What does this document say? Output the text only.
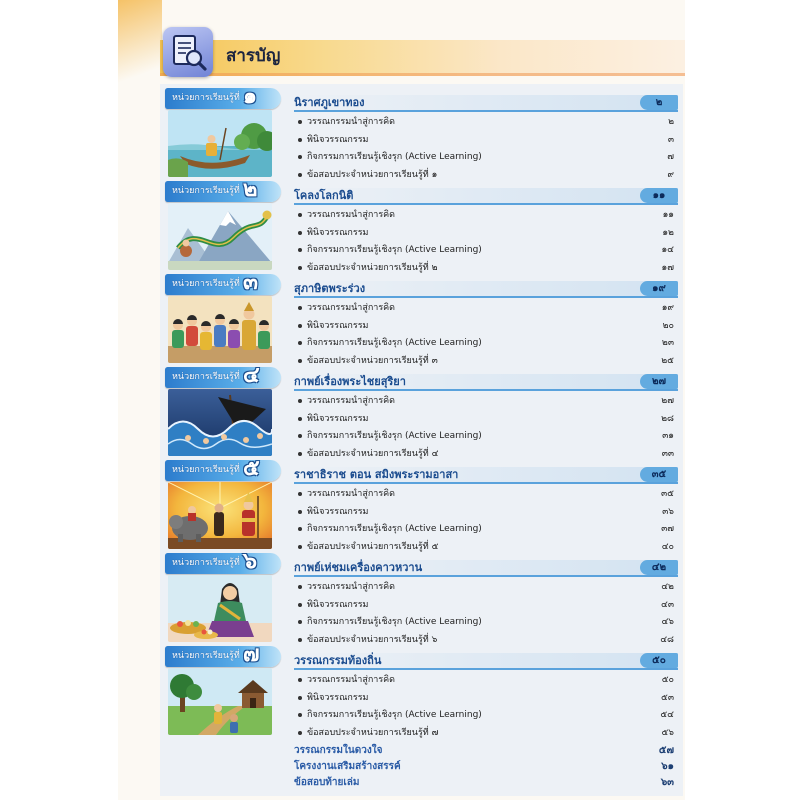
สารบัญ
หน่วยการเรียนรู้ที่ ๑	นิราศภูเขาทอง	๒
วรรณกรรมนำสู่การคิด	๒
พินิจวรรณกรรม	๓
กิจกรรมการเรียนรู้เชิงรุก (Active Learning)	๗
ข้อสอบประจำหน่วยการเรียนรู้ที่ ๑	๙
หน่วยการเรียนรู้ที่ ๒	โคลงโลกนิติ	๑๑
วรรณกรรมนำสู่การคิด	๑๑
พินิจวรรณกรรม	๑๒
กิจกรรมการเรียนรู้เชิงรุก (Active Learning)	๑๔
ข้อสอบประจำหน่วยการเรียนรู้ที่ ๒	๑๗
หน่วยการเรียนรู้ที่ ๓	สุภาษิตพระร่วง	๑๙
วรรณกรรมนำสู่การคิด	๑๙
พินิจวรรณกรรม	๒๐
กิจกรรมการเรียนรู้เชิงรุก (Active Learning)	๒๓
ข้อสอบประจำหน่วยการเรียนรู้ที่ ๓	๒๕
หน่วยการเรียนรู้ที่ ๔	กาพย์เรื่องพระไชยสุริยา	๒๗
วรรณกรรมนำสู่การคิด	๒๗
พินิจวรรณกรรม	๒๘
กิจกรรมการเรียนรู้เชิงรุก (Active Learning)	๓๑
ข้อสอบประจำหน่วยการเรียนรู้ที่ ๔	๓๓
หน่วยการเรียนรู้ที่ ๕	ราชาธิราช ตอน สมิงพระรามอาสา	๓๕
วรรณกรรมนำสู่การคิด	๓๕
พินิจวรรณกรรม	๓๖
กิจกรรมการเรียนรู้เชิงรุก (Active Learning)	๓๗
ข้อสอบประจำหน่วยการเรียนรู้ที่ ๕	๔๐
หน่วยการเรียนรู้ที่ ๖	กาพย์เห่ชมเครื่องคาวหวาน	๔๒
วรรณกรรมนำสู่การคิด	๔๒
พินิจวรรณกรรม	๔๓
กิจกรรมการเรียนรู้เชิงรุก (Active Learning)	๔๖
ข้อสอบประจำหน่วยการเรียนรู้ที่ ๖	๔๘
หน่วยการเรียนรู้ที่ ๗	วรรณกรรมท้องถิ่น	๕๐
วรรณกรรมนำสู่การคิด	๕๐
พินิจวรรณกรรม	๕๓
กิจกรรมการเรียนรู้เชิงรุก (Active Learning)	๕๔
ข้อสอบประจำหน่วยการเรียนรู้ที่ ๗	๕๖
วรรณกรรมในดวงใจ	๕๗
โครงงานเสริมสร้างสรรค์	๖๑
ข้อสอบท้ายเล่ม	๖๓
